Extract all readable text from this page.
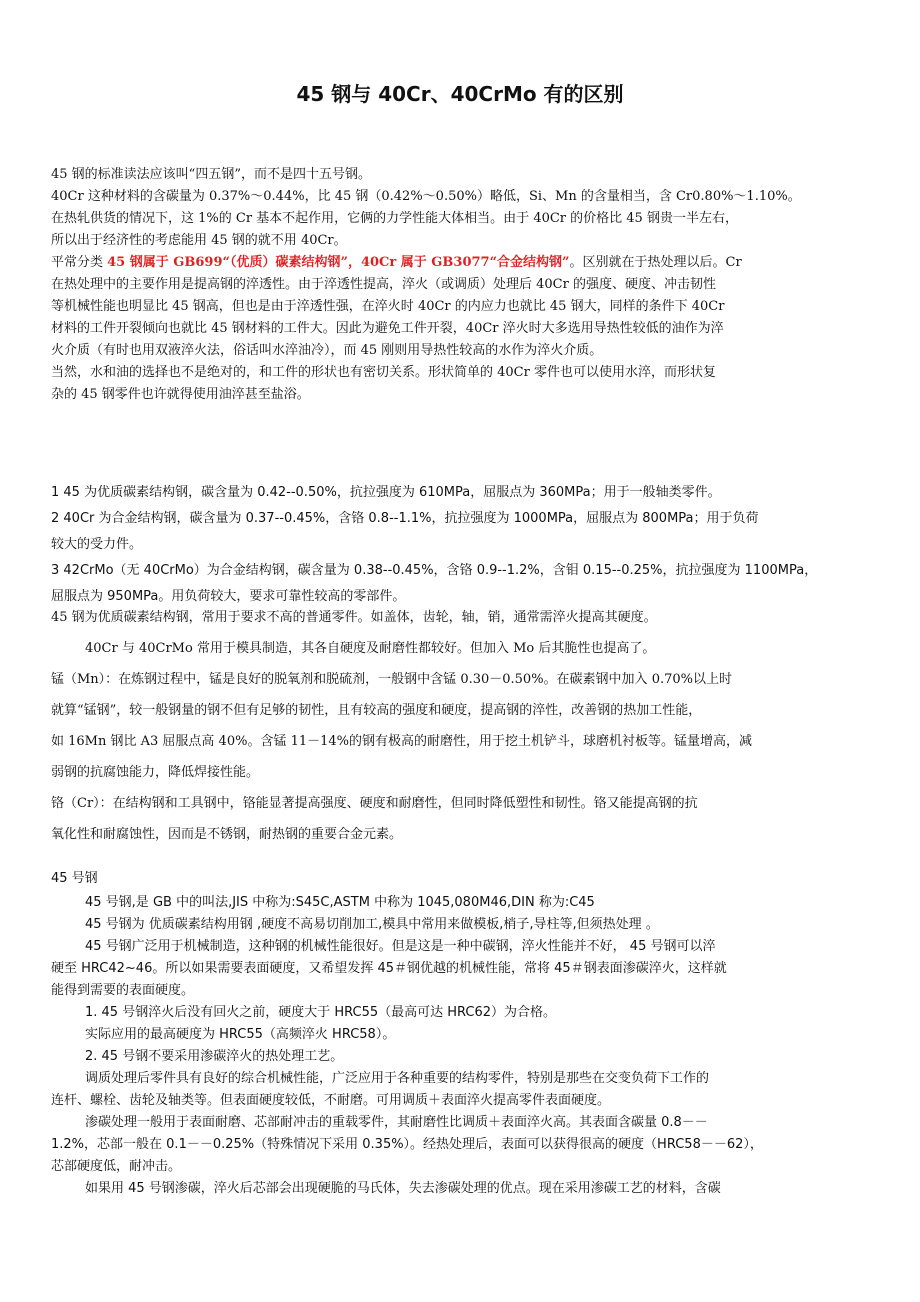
45 钢与 40Cr、40CrMo 有的区别

45 钢的标准读法应该叫“四五钢”，而不是四十五号钢。

40Cr 这种材料的含碳量为 0.37%～0.44%，比 45 钢（0.42%～0.50%）略低，Si、Mn 的含量相当，含 Cr0.80%～1.10%。

在热轧供货的情况下，这 1%的 Cr 基本不起作用，它俩的力学性能大体相当。由于 40Cr 的价格比 45 钢贵一半左右，

所以出于经济性的考虑能用 45 钢的就不用 40Cr。

平常分类 45 钢属于 GB699“（优质）碳素结构钢”，40Cr 属于 GB3077“合金结构钢”。区别就在于热处理以后。Cr

在热处理中的主要作用是提高钢的淬透性。由于淬透性提高，淬火（或调质）处理后 40Cr 的强度、硬度、冲击韧性

等机械性能也明显比 45 钢高，但也是由于淬透性强，在淬火时 40Cr 的内应力也就比 45 钢大，同样的条件下 40Cr

材料的工件开裂倾向也就比 45 钢材料的工件大。因此为避免工件开裂，40Cr 淬火时大多选用导热性较低的油作为淬

火介质（有时也用双液淬火法，俗话叫水淬油冷），而 45 刚则用导热性较高的水作为淬火介质。

当然，水和油的选择也不是绝对的，和工件的形状也有密切关系。形状简单的 40Cr 零件也可以使用水淬，而形状复

杂的 45 钢零件也许就得使用油淬甚至盐浴。

1 45 为优质碳素结构钢，碳含量为 0.42--0.50%，抗拉强度为 610MPa，屈服点为 360MPa；用于一般轴类零件。

2 40Cr 为合金结构钢，碳含量为 0.37--0.45%，含铬 0.8--1.1%，抗拉强度为 1000MPa，屈服点为 800MPa；用于负荷

较大的受力件。

3 42CrMo（无 40CrMo）为合金结构钢，碳含量为 0.38--0.45%，含铬 0.9--1.2%，含钼 0.15--0.25%，抗拉强度为 1100MPa，

屈服点为 950MPa。用负荷较大，要求可靠性较高的零部件。

45 钢为优质碳素结构钢，常用于要求不高的普通零件。如盖体，齿轮，轴，销，通常需淬火提高其硬度。

40Cr 与 40CrMo 常用于模具制造，其各自硬度及耐磨性都较好。但加入 Mo 后其脆性也提高了。

锰（Mn）：在炼钢过程中，锰是良好的脱氧剂和脱硫剂，一般钢中含锰 0.30－0.50%。在碳素钢中加入 0.70%以上时

就算“锰钢”，较一般钢量的钢不但有足够的韧性，且有较高的强度和硬度，提高钢的淬性，改善钢的热加工性能，

如 16Mn 钢比 A3 屈服点高 40%。含锰 11－14%的钢有极高的耐磨性，用于挖土机铲斗，球磨机衬板等。锰量增高，减

弱钢的抗腐蚀能力，降低焊接性能。

铬（Cr）：在结构钢和工具钢中，铬能显著提高强度、硬度和耐磨性，但同时降低塑性和韧性。铬又能提高钢的抗

氧化性和耐腐蚀性，因而是不锈钢，耐热钢的重要合金元素。

45 号钢

45 号钢,是 GB 中的叫法,JIS 中称为:S45C,ASTM 中称为 1045,080M46,DIN 称为:C45

45 号钢为 优质碳素结构用钢 ,硬度不高易切削加工,模具中常用来做模板,梢子,导柱等,但须热处理 。

45 号钢广泛用于机械制造，这种钢的机械性能很好。但是这是一种中碳钢，淬火性能并不好， 45 号钢可以淬

硬至 HRC42~46。所以如果需要表面硬度，又希望发挥 45＃钢优越的机械性能，常将 45＃钢表面渗碳淬火，这样就

能得到需要的表面硬度。

1. 45 号钢淬火后没有回火之前，硬度大于 HRC55（最高可达 HRC62）为合格。

实际应用的最高硬度为 HRC55（高频淬火 HRC58）。

2. 45 号钢不要采用渗碳淬火的热处理工艺。

调质处理后零件具有良好的综合机械性能，广泛应用于各种重要的结构零件，特别是那些在交变负荷下工作的

连杆、螺栓、齿轮及轴类等。但表面硬度较低，不耐磨。可用调质＋表面淬火提高零件表面硬度。

渗碳处理一般用于表面耐磨、芯部耐冲击的重载零件，其耐磨性比调质＋表面淬火高。其表面含碳量 0.8－－

1.2%，芯部一般在 0.1－－0.25%（特殊情况下采用 0.35%）。经热处理后，表面可以获得很高的硬度（HRC58－－62），

芯部硬度低，耐冲击。

如果用 45 号钢渗碳，淬火后芯部会出现硬脆的马氏体，失去渗碳处理的优点。现在采用渗碳工艺的材料，含碳
